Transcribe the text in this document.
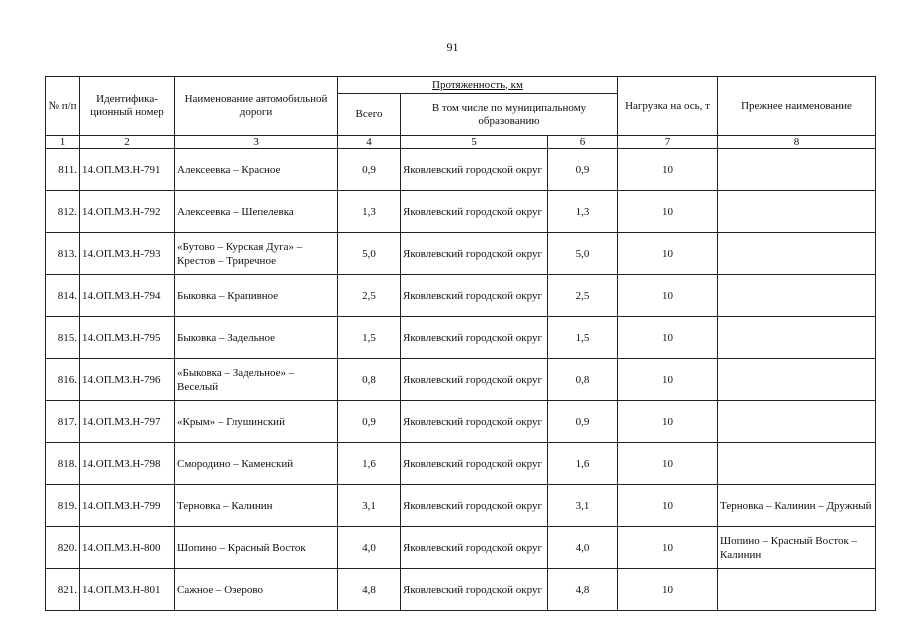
91
№ п/п	Идентифика-ционный номер	Наименование автомобильной дороги	Протяженность, км			Нагрузка на ось, т	Прежнее наименование
			Всего	В том числе по муниципальному образованию			
1	2	3	4	5	6	7	8
811.	14.ОП.МЗ.Н-791	Алексеевка – Красное	0,9	Яковлевский городской округ	0,9	10	
812.	14.ОП.МЗ.Н-792	Алексеевка – Шепелевка	1,3	Яковлевский городской округ	1,3	10	
813.	14.ОП.МЗ.Н-793	«Бутово – Курская Дуга» – Крестов – Триречное	5,0	Яковлевский городской округ	5,0	10	
814.	14.ОП.МЗ.Н-794	Быковка – Крапивное	2,5	Яковлевский городской округ	2,5	10	
815.	14.ОП.МЗ.Н-795	Быковка – Задельное	1,5	Яковлевский городской округ	1,5	10	
816.	14.ОП.МЗ.Н-796	«Быковка – Задельное» – Веселый	0,8	Яковлевский городской округ	0,8	10	
817.	14.ОП.МЗ.Н-797	«Крым» – Глушинский	0,9	Яковлевский городской округ	0,9	10	
818.	14.ОП.МЗ.Н-798	Смородино – Каменский	1,6	Яковлевский городской округ	1,6	10	
819.	14.ОП.МЗ.Н-799	Терновка – Калинин	3,1	Яковлевский городской округ	3,1	10	Терновка – Калинин – Дружный
820.	14.ОП.МЗ.Н-800	Шопино – Красный Восток	4,0	Яковлевский городской округ	4,0	10	Шопино – Красный Восток – Калинин
821.	14.ОП.МЗ.Н-801	Сажное – Озерово	4,8	Яковлевский городской округ	4,8	10	
